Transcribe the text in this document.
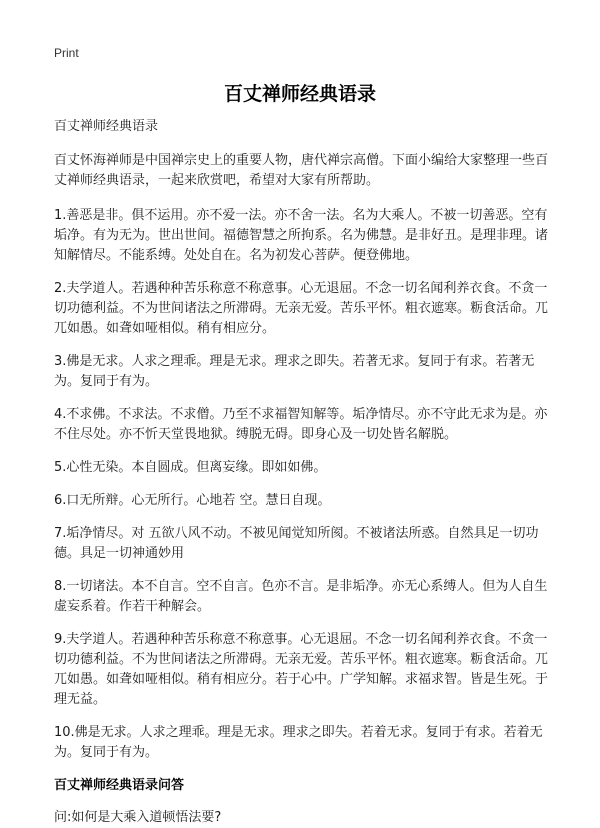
Print
百丈禅师经典语录

百丈禅师经典语录

百丈怀海禅师是中国禅宗史上的重要人物，唐代禅宗高僧。下面小编给大家整理一些百丈禅师经典语录，一起来欣赏吧，希望对大家有所帮助。

1.善恶是非。俱不运用。亦不爱一法。亦不舍一法。名为大乘人。不被一切善恶。空有垢净。有为无为。世出世间。福德智慧之所拘系。名为佛慧。是非好丑。是理非理。诸知解情尽。不能系缚。处处自在。名为初发心菩萨。便登佛地。
2.夫学道人。若遇种种苦乐称意不称意事。心无退屈。不念一切名闻利养衣食。不贪一切功德利益。不为世间诸法之所滞碍。无亲无爱。苦乐平怀。粗衣遮寒。粝食活命。兀兀如愚。如聋如哑相似。稍有相应分。
3.佛是无求。人求之理乖。理是无求。理求之即失。若著无求。复同于有求。若著无为。复同于有为。
4.不求佛。不求法。不求僧。乃至不求福智知解等。垢净情尽。亦不守此无求为是。亦不住尽处。亦不忻天堂畏地狱。缚脱无碍。即身心及一切处皆名解脱。
5.心性无染。本自圆成。但离妄缘。即如如佛。
6.口无所辩。心无所行。心地若 空。慧日自现。
7.垢净情尽。对 五欲八风不动。不被见闻觉知所阂。不被诸法所惑。自然具足一切功德。具足一切神通妙用
8.一切诸法。本不自言。空不自言。色亦不言。是非垢净。亦无心系缚人。但为人自生虚妄系着。作若干种解会。
9.夫学道人。若遇种种苦乐称意不称意事。心无退屈。不念一切名闻利养衣食。不贪一切功德利益。不为世间诸法之所滞碍。无亲无爱。苦乐平怀。粗衣遮寒。粝食活命。兀兀如愚。如聋如哑相似。稍有相应分。若于心中。广学知解。求福求智。皆是生死。于理无益。
10.佛是无求。人求之理乖。理是无求。理求之即失。若着无求。复同于有求。若着无为。复同于有为。
百丈禅师经典语录问答

问:如何是大乘入道顿悟法要?
